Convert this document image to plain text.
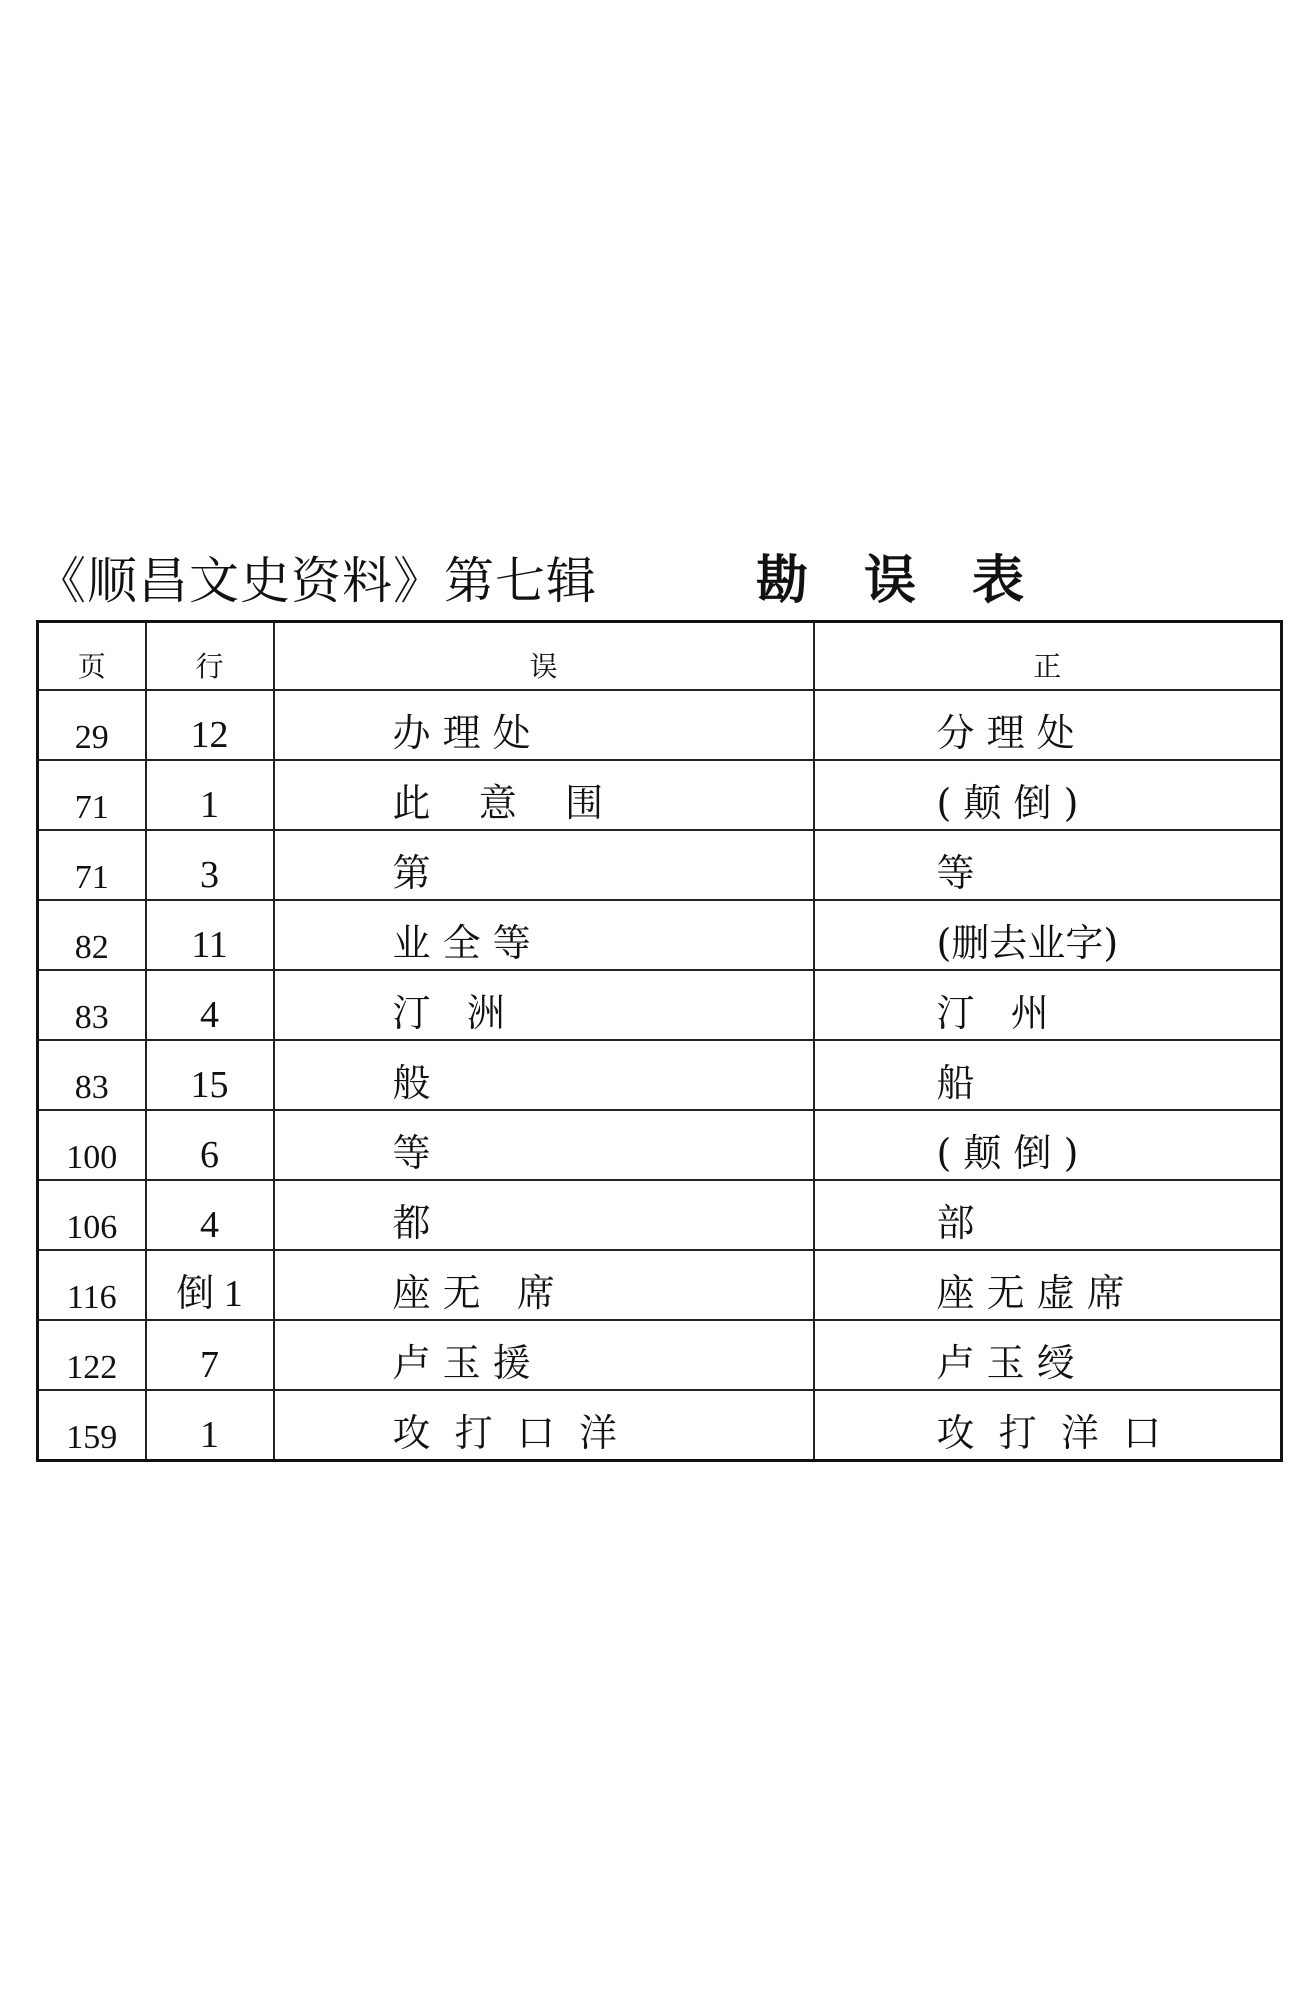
《顺昌文史资料》第七辑	勘误表
页	行	误	正
29	12	办 理 处	分 理 处
71	1	此    意    围	( 颠 倒 )
71	3	第	等
82	11	业 全 等	(删去业字)
83	4	汀   洲	汀   州
83	15	般	船
100	6	等	( 颠 倒 )
106	4	都	部
116	倒 1	座 无   席	座 无 虚 席
122	7	卢 玉 援	卢 玉 绶
159	1	攻  打  口  洋	攻  打  洋  口
